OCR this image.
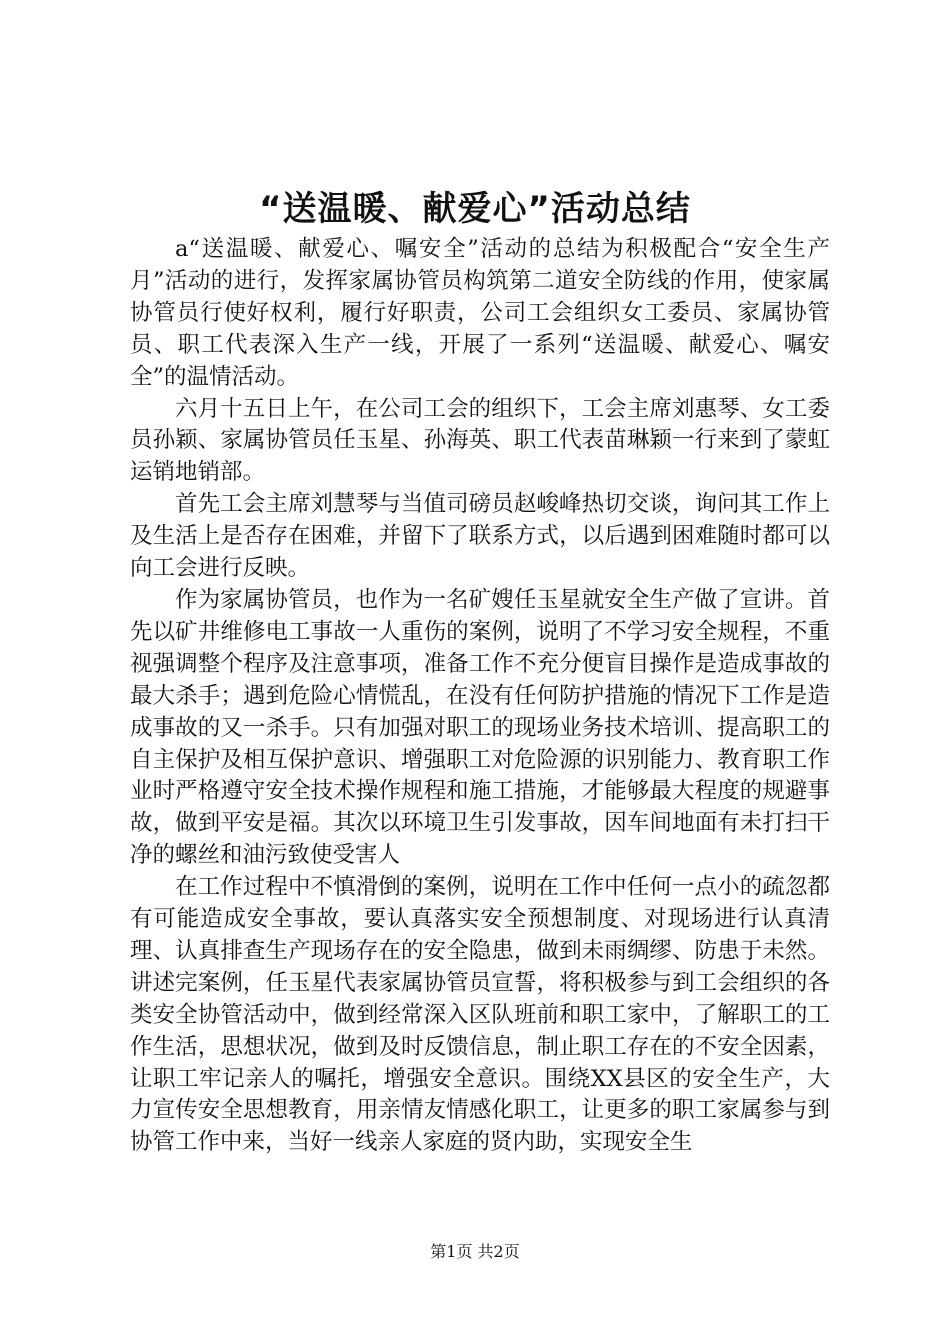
“送温暖、献爱心”活动总结

a“送温暖、献爱心、嘱安全”活动的总结为积极配合“安全生产月”活动的进行，发挥家属协管员构筑第二道安全防线的作用，使家属协管员行使好权利，履行好职责，公司工会组织女工委员、家属协管员、职工代表深入生产一线，开展了一系列“送温暖、献爱心、嘱安全”的温情活动。

六月十五日上午，在公司工会的组织下，工会主席刘惠琴、女工委员孙颖、家属协管员任玉星、孙海英、职工代表苗琳颖一行来到了蒙虹运销地销部。

首先工会主席刘慧琴与当值司磅员赵峻峰热切交谈，询问其工作上及生活上是否存在困难，并留下了联系方式，以后遇到困难随时都可以向工会进行反映。

作为家属协管员，也作为一名矿嫂任玉星就安全生产做了宣讲。首先以矿井维修电工事故一人重伤的案例，说明了不学习安全规程，不重视强调整个程序及注意事项，准备工作不充分便盲目操作是造成事故的最大杀手；遇到危险心情慌乱，在没有任何防护措施的情况下工作是造成事故的又一杀手。只有加强对职工的现场业务技术培训、提高职工的自主保护及相互保护意识、增强职工对危险源的识别能力、教育职工作业时严格遵守安全技术操作规程和施工措施，才能够最大程度的规避事故，做到平安是福。其次以环境卫生引发事故，因车间地面有未打扫干净的螺丝和油污致使受害人

在工作过程中不慎滑倒的案例，说明在工作中任何一点小的疏忽都有可能造成安全事故，要认真落实安全预想制度、对现场进行认真清理、认真排查生产现场存在的安全隐患，做到未雨绸缪、防患于未然。讲述完案例，任玉星代表家属协管员宣誓，将积极参与到工会组织的各类安全协管活动中，做到经常深入区队班前和职工家中，了解职工的工作生活，思想状况，做到及时反馈信息，制止职工存在的不安全因素，让职工牢记亲人的嘱托，增强安全意识。围绕XX县区的安全生产，大力宣传安全思想教育，用亲情友情感化职工，让更多的职工家属参与到协管工作中来，当好一线亲人家庭的贤内助，实现安全生

第1页 共2页
